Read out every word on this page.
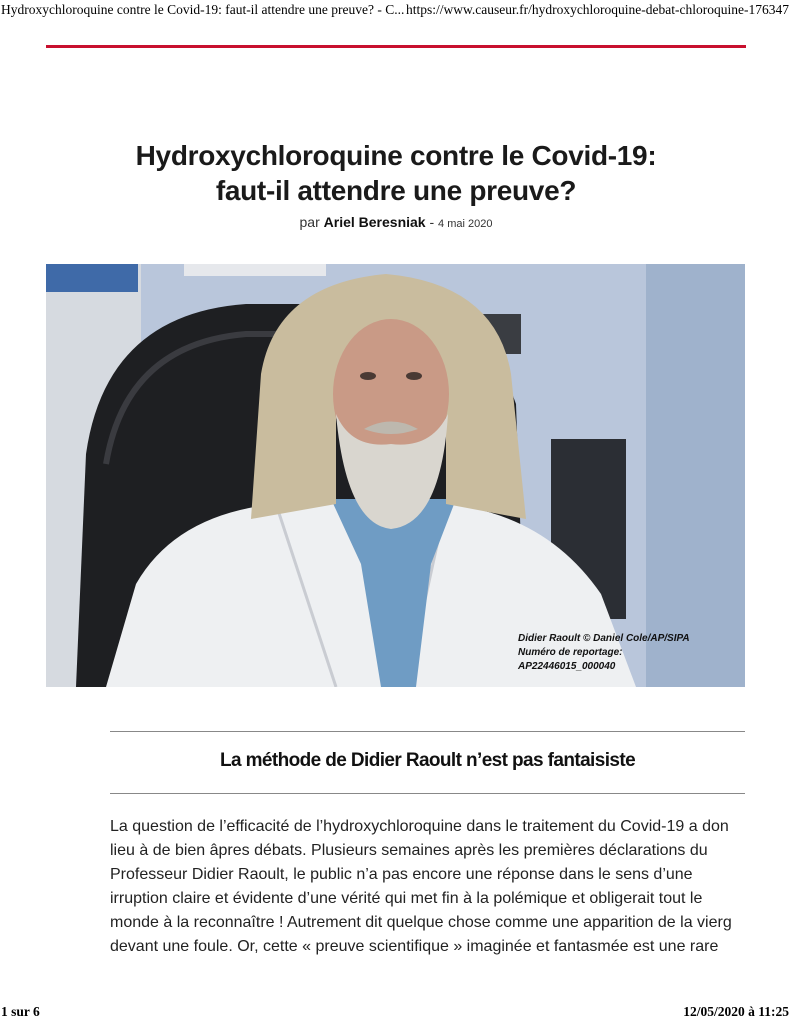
Hydroxychloroquine contre le Covid-19: faut-il attendre une preuve? - C... https://www.causeur.fr/hydroxychloroquine-debat-chloroquine-176347
Hydroxychloroquine contre le Covid-19:
faut-il attendre une preuve?
par Ariel Beresniak - 4 mai 2020
Didier Raoult © Daniel Cole/AP/SIPA
Numéro de reportage:
AP22446015_000040
La méthode de Didier Raoult n’est pas fantaisiste
La question de l’efficacité de l’hydroxychloroquine dans le traitement du Covid-19 a don
lieu à de bien âpres débats. Plusieurs semaines après les premières déclarations du
Professeur Didier Raoult, le public n’a pas encore une réponse dans le sens d’une
irruption claire et évidente d’une vérité qui met fin à la polémique et obligerait tout le
monde à la reconnaître ! Autrement dit quelque chose comme une apparition de la vierg
devant une foule. Or, cette « preuve scientifique » imaginée et fantasmée est une rare
1 sur 6	12/05/2020 à 11:25
